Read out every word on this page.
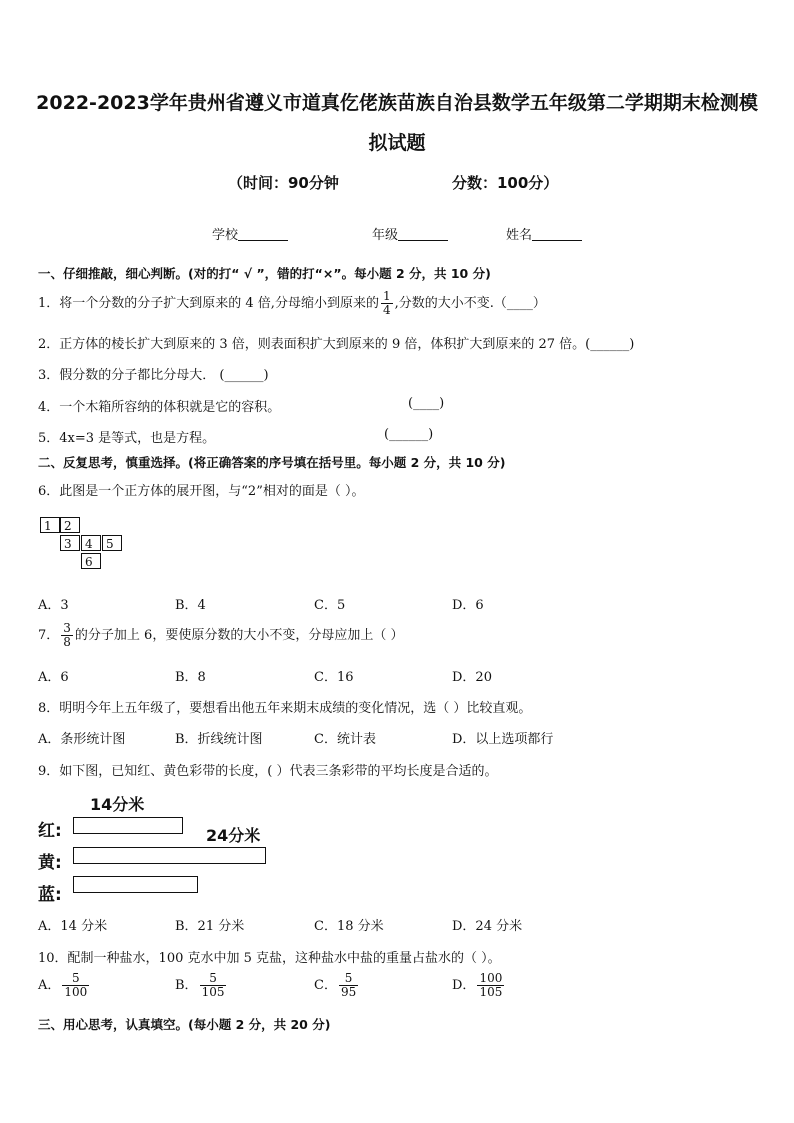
2022-2023学年贵州省遵义市道真仡佬族苗族自治县数学五年级第二学期期末检测模
拟试题
（时间：90分钟	分数：100分）
学校	年级	姓名
一、仔细推敲，细心判断。(对的打“ √ ”，错的打“×”。每小题 2 分，共 10 分)
1．将一个分数的分子扩大到原来的 4 倍,分母缩小到原来的 $\frac{1}{4}$ ,分数的大小不变.（____）
2．正方体的棱长扩大到原来的 3 倍，则表面积扩大到原来的 9 倍，体积扩大到原来的 27 倍。(______)
3．假分数的分子都比分母大． (______)
4．一个木箱所容纳的体积就是它的容积。	(____)
5．4x=3 是等式，也是方程。	(______)
二、反复思考，慎重选择。(将正确答案的序号填在括号里。每小题 2 分，共 10 分)
6．此图是一个正方体的展开图，与“2”相对的面是（ ）。
1	2
3	4	5
6
A．3	B．4	C．5	D．6
7． $\frac{3}{8}$ 的分子加上 6，要使原分数的大小不变，分母应加上（ ）
A．6	B．8	C．16	D．20
8．明明今年上五年级了，要想看出他五年来期末成绩的变化情况，选（ ）比较直观。
A．条形统计图	B．折线统计图	C．统计表	D．以上选项都行
9．如下图，已知红、黄色彩带的长度，( ）代表三条彩带的平均长度是合适的。
14分米
24分米
红:
黄:
蓝:
A．14 分米	B．21 分米	C．18 分米	D．24 分米
10．配制一种盐水，100 克水中加 5 克盐，这种盐水中盐的重量占盐水的（ ）。
A． $\frac{5}{100}$	B． $\frac{5}{105}$	C． $\frac{5}{95}$	D． $\frac{100}{105}$
三、用心思考，认真填空。(每小题 2 分，共 20 分)
